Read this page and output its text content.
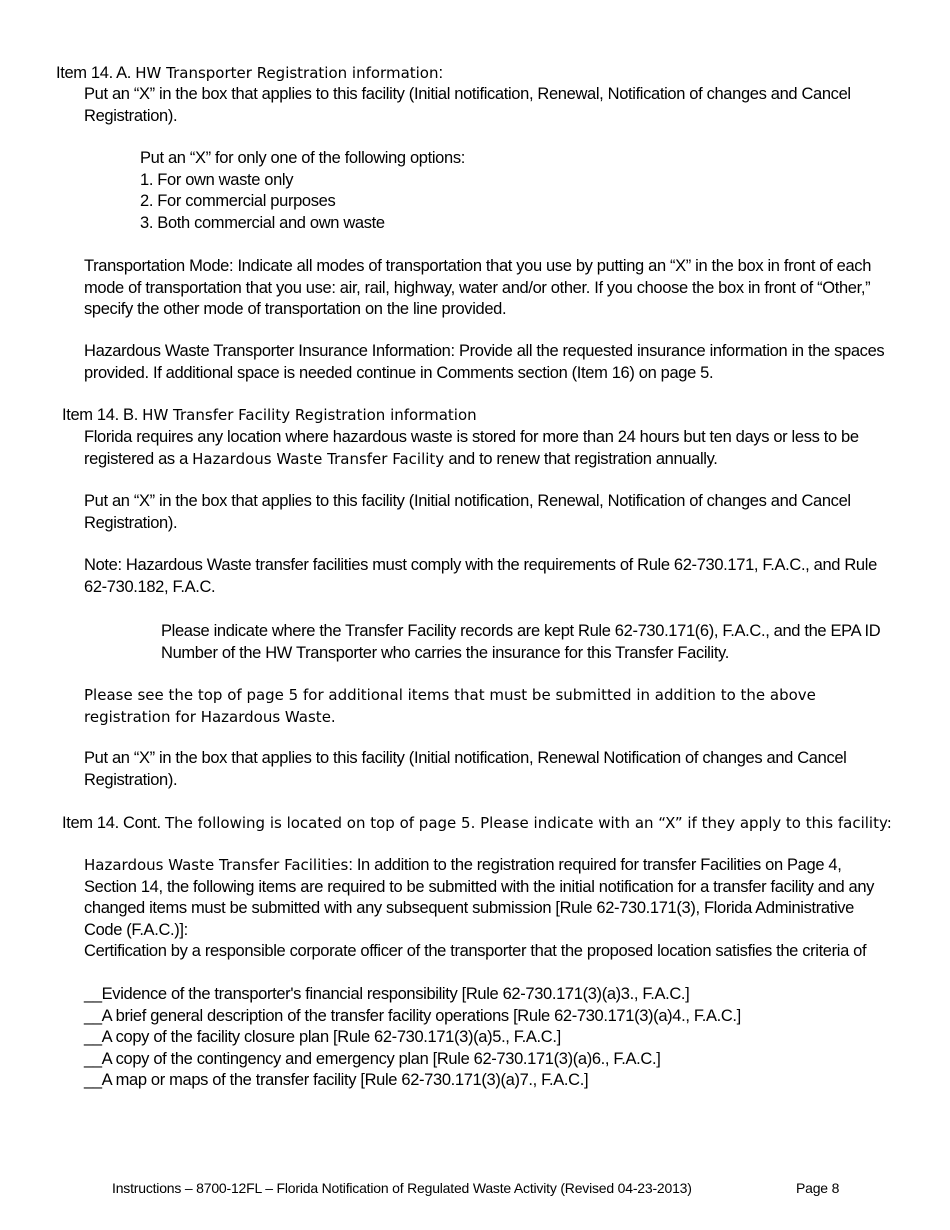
Item 14. A. HW Transporter Registration information:
Put an “X” in the box that applies to this facility (Initial notification, Renewal, Notification of changes and Cancel Registration).
Put an “X” for only one of the following options:
1. For own waste only
2. For commercial purposes
3. Both commercial and own waste
Transportation Mode: Indicate all modes of transportation that you use by putting an “X” in the box in front of each mode of transportation that you use: air, rail, highway, water and/or other. If you choose the box in front of “Other,” specify the other mode of transportation on the line provided.
Hazardous Waste Transporter Insurance Information: Provide all the requested insurance information in the spaces provided. If additional space is needed continue in Comments section (Item 16) on page 5.
Item 14. B. HW Transfer Facility Registration information
Florida requires any location where hazardous waste is stored for more than 24 hours but ten days or less to be registered as a Hazardous Waste Transfer Facility and to renew that registration annually.
Put an “X” in the box that applies to this facility (Initial notification, Renewal, Notification of changes and Cancel Registration).
Note: Hazardous Waste transfer facilities must comply with the requirements of Rule 62-730.171, F.A.C., and Rule 62-730.182, F.A.C.
Please indicate where the Transfer Facility records are kept Rule 62-730.171(6), F.A.C., and the EPA ID Number of the HW Transporter who carries the insurance for this Transfer Facility.
Please see the top of page 5 for additional items that must be submitted in addition to the above registration for Hazardous Waste.
Put an “X” in the box that applies to this facility (Initial notification, Renewal Notification of changes and Cancel Registration).
Item 14. Cont. The following is located on top of page 5. Please indicate with an “X” if they apply to this facility:
Hazardous Waste Transfer Facilities: In addition to the registration required for transfer Facilities on Page 4, Section 14, the following items are required to be submitted with the initial notification for a transfer facility and any changed items must be submitted with any subsequent submission [Rule 62-730.171(3), Florida Administrative Code (F.A.C.)]:
Certification by a responsible corporate officer of the transporter that the proposed location satisfies the criteria of
__Evidence of the transporter's financial responsibility [Rule 62-730.171(3)(a)3., F.A.C.]
__A brief general description of the transfer facility operations [Rule 62-730.171(3)(a)4., F.A.C.]
__A copy of the facility closure plan [Rule 62-730.171(3)(a)5., F.A.C.]
__A copy of the contingency and emergency plan [Rule 62-730.171(3)(a)6., F.A.C.]
__A map or maps of the transfer facility [Rule 62-730.171(3)(a)7., F.A.C.]
Instructions – 8700-12FL – Florida Notification of Regulated Waste Activity (Revised 04-23-2013)	Page 8
